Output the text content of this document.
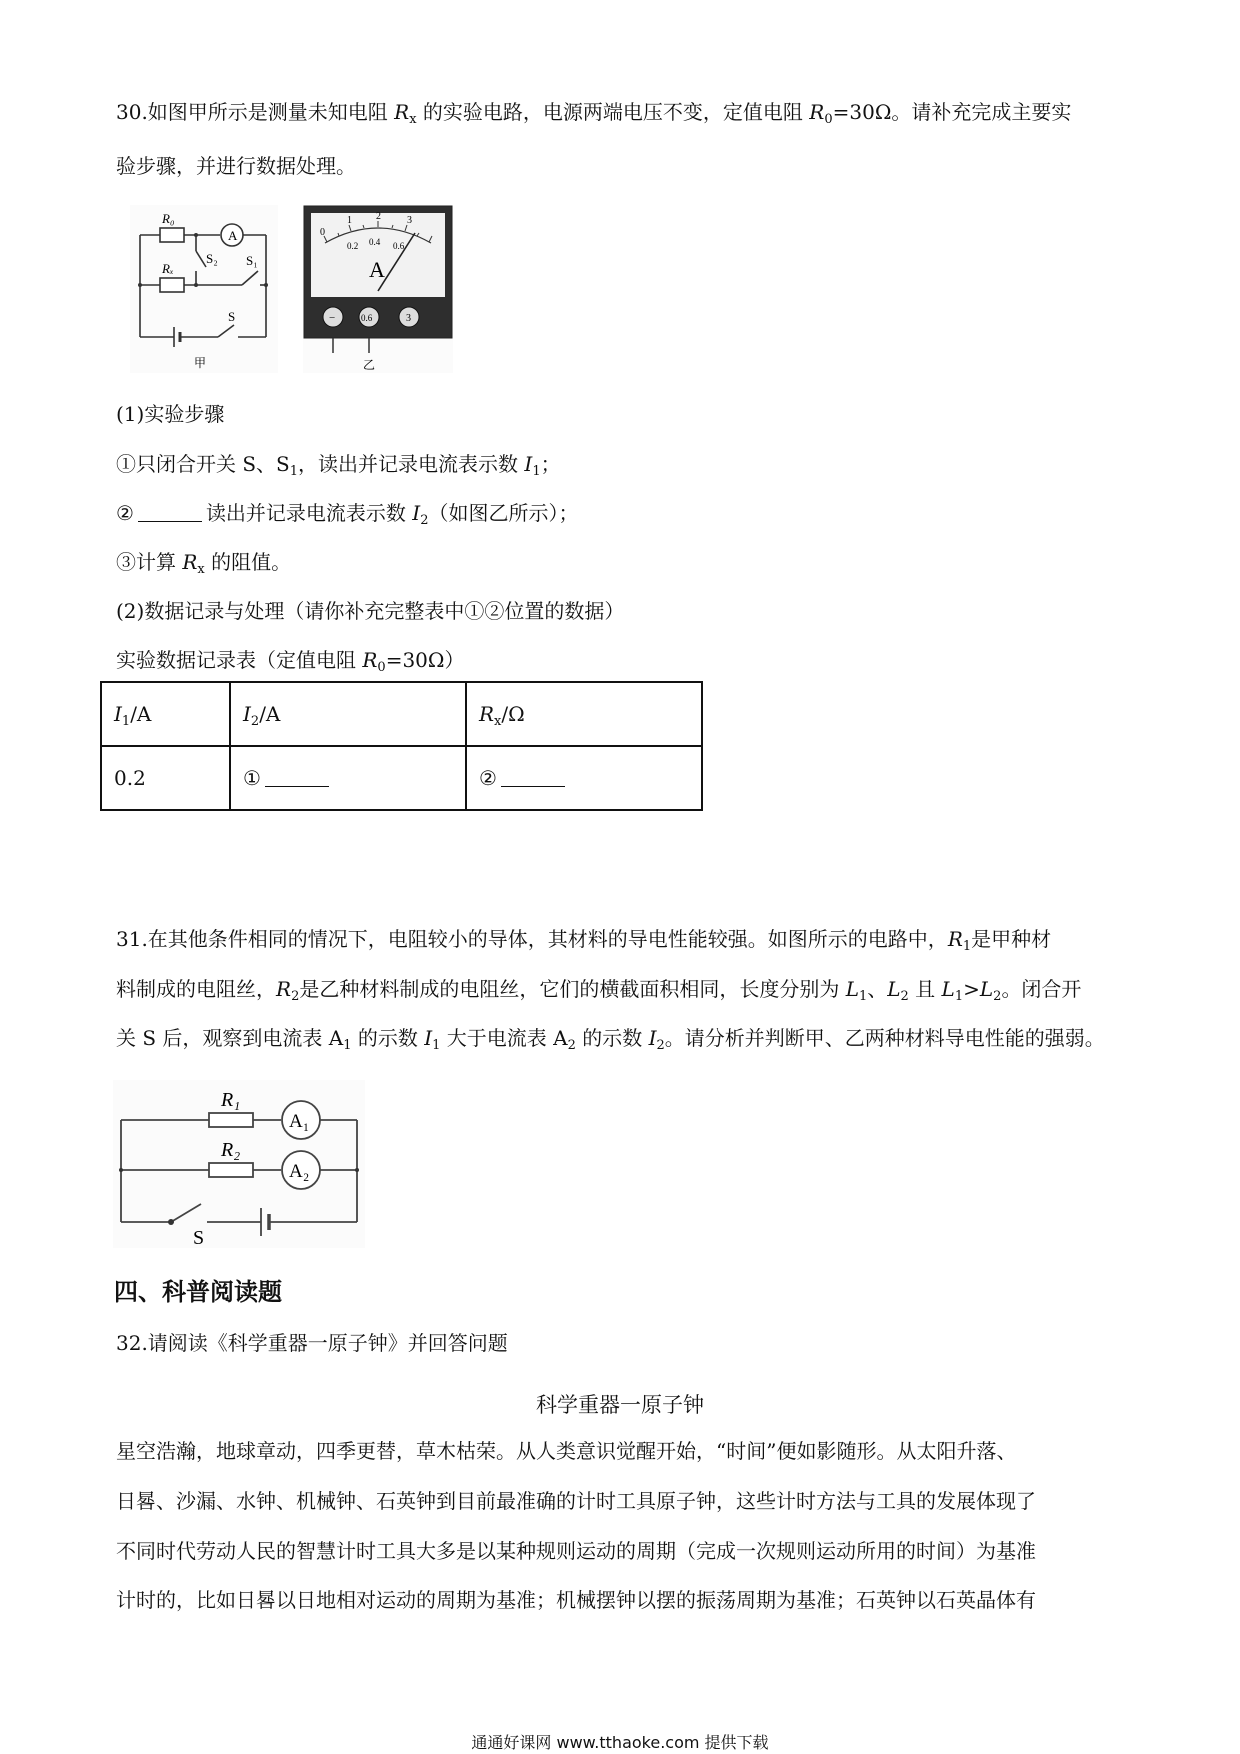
30.如图甲所示是测量未知电阻 $R_x$ 的实验电路，电源两端电压不变，定值电阻 $R_0=30\Omega$。请补充完成主要实
验步骤，并进行数据处理。
R₀
A
Rₓ
S₂ S₁
S
甲
0
1 2	3
0.2 0.4 0.6
A
−	0.6	3
乙
(1)实验步骤
①只闭合开关 S、$S_1$，读出并记录电流表示数 $I_1$；
②	读出并记录电流表示数 $I_2$（如图乙所示）；
③计算 $R_x$ 的阻值。
(2)数据记录与处理（请你补充完整表中①②位置的数据）
实验数据记录表（定值电阻 $R_0=30\Omega$）
$I_1/A$	$I_2/A$	$R_x/\Omega$
0.2	①	②
31.在其他条件相同的情况下，电阻较小的导体，其材料的导电性能较强。如图所示的电路中，$R_1$是甲种材
料制成的电阻丝，$R_2$是乙种材料制成的电阻丝，它们的横截面积相同，长度分别为 $L_1$、$L_2$ 且 $L_1>L_2$。闭合开
关 S 后，观察到电流表 $A_1$ 的示数 $I_1$ 大于电流表 $A_2$ 的示数 $I_2$。请分析并判断甲、乙两种材料导电性能的强弱。
R₁
R₂
A₁
A₂
S
四、科普阅读题
32.请阅读《科学重器一原子钟》并回答问题
科学重器一原子钟
星空浩瀚，地球章动，四季更替，草木枯荣。从人类意识觉醒开始，“时间”便如影随形。从太阳升落、
日晷、沙漏、水钟、机械钟、石英钟到目前最准确的计时工具原子钟，这些计时方法与工具的发展体现了
不同时代劳动人民的智慧计时工具大多是以某种规则运动的周期（完成一次规则运动所用的时间）为基准
计时的，比如日晷以日地相对运动的周期为基准；机械摆钟以摆的振荡周期为基准；石英钟以石英晶体有
通通好课网 www.tthaoke.com 提供下载
